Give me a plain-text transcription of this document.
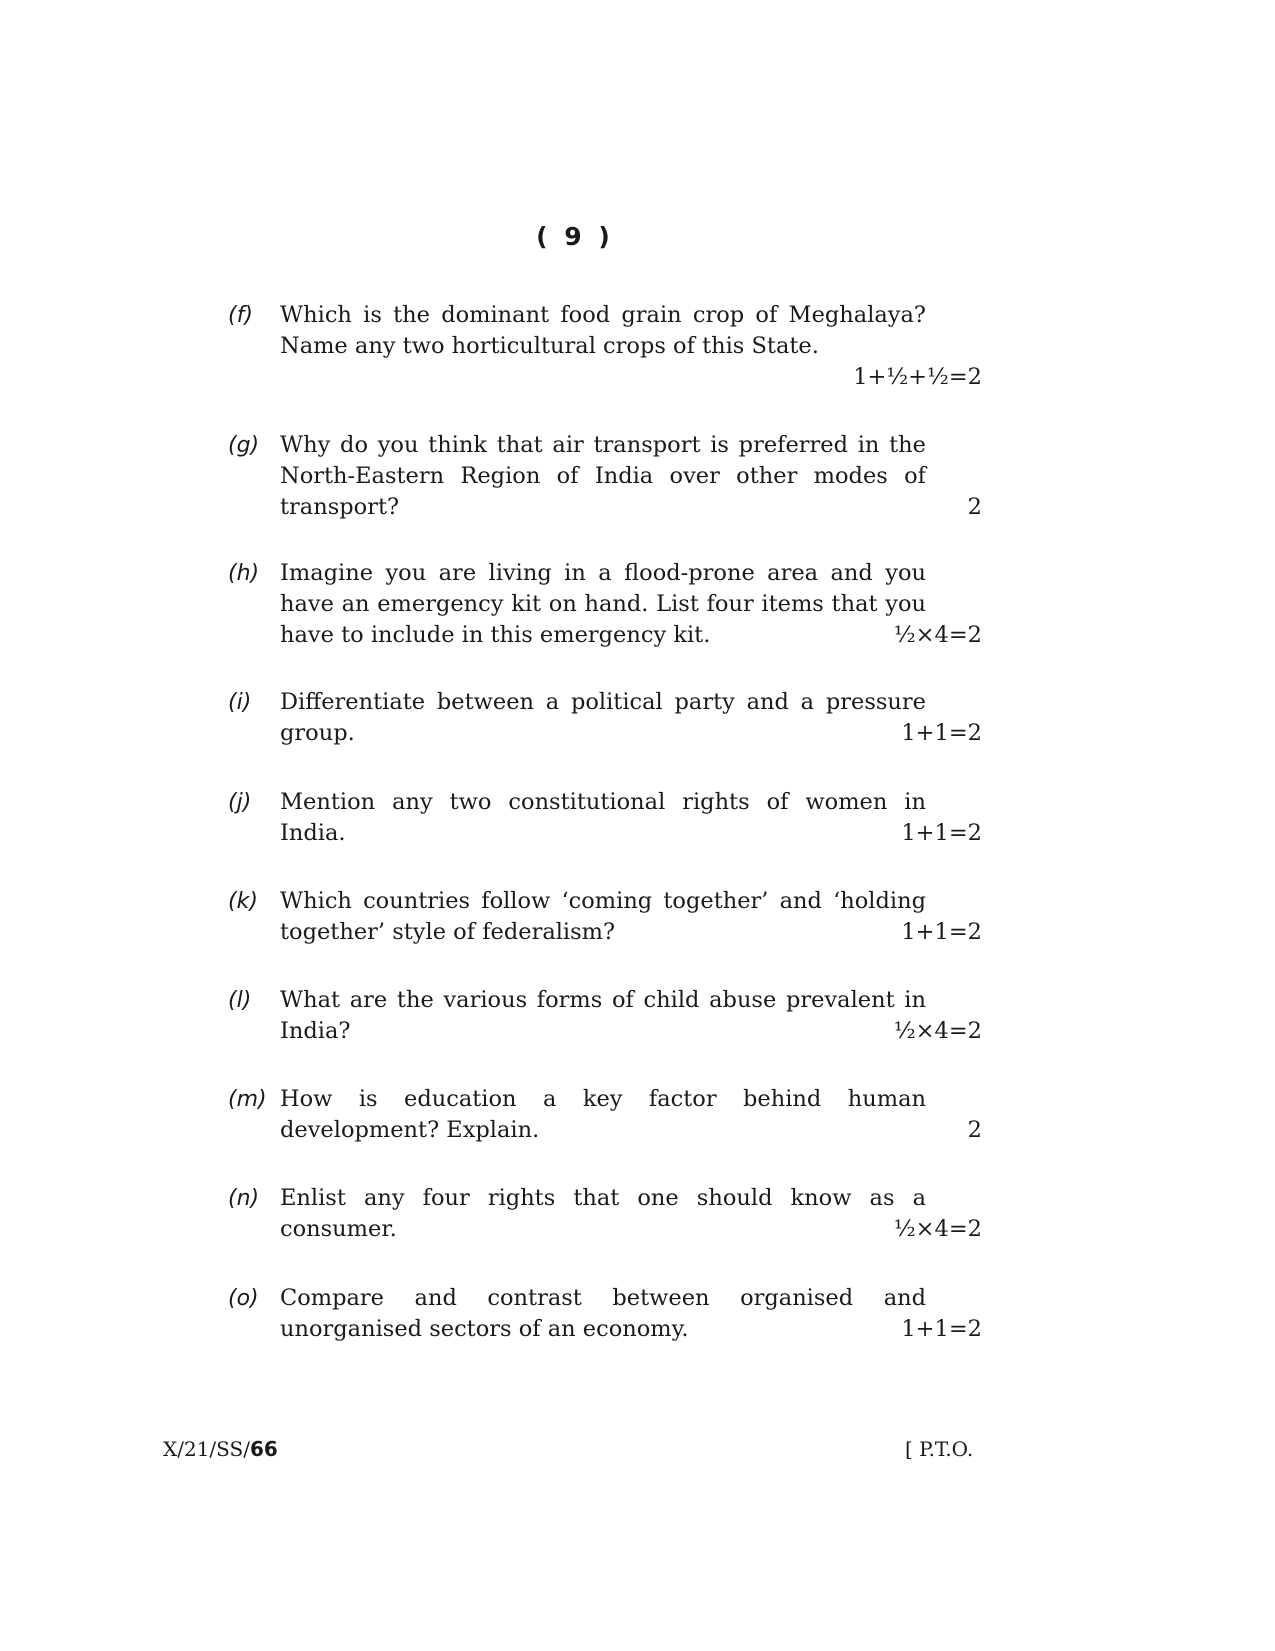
( 9 )
(f) Which is the dominant food grain crop of Meghalaya? Name any two horticultural crops of this State.
1+½+½=2
(g) Why do you think that air transport is preferred in the North-Eastern Region of India over other modes of transport?	2
(h) Imagine you are living in a flood-prone area and you have an emergency kit on hand. List four items that you have to include in this emergency kit.	½×4=2
(i) Differentiate between a political party and a pressure group.	1+1=2
(j) Mention any two constitutional rights of women in India.	1+1=2
(k) Which countries follow ‘coming together’ and ‘holding together’ style of federalism?	1+1=2
(l) What are the various forms of child abuse prevalent in India?	½×4=2
(m) How is education a key factor behind human development? Explain.	2
(n) Enlist any four rights that one should know as a consumer.	½×4=2
(o) Compare and contrast between organised and unorganised sectors of an economy.	1+1=2
X/21/SS/66	[ P.T.O.
